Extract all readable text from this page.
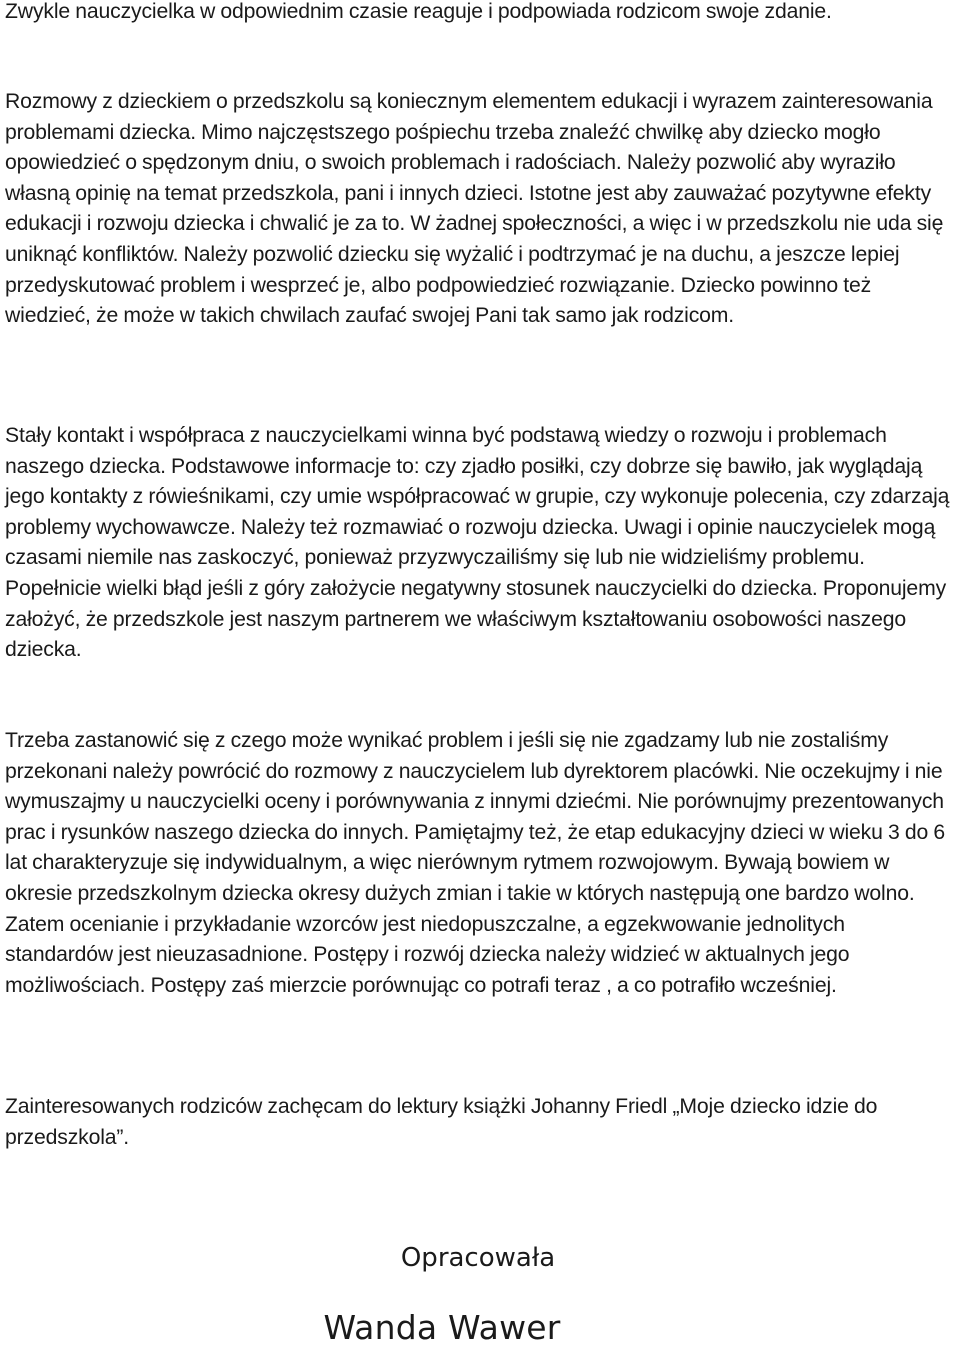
Zwykle nauczycielka w odpowiednim czasie reaguje i podpowiada rodzicom swoje zdanie.

Rozmowy z dzieckiem o przedszkolu są koniecznym elementem edukacji i wyrazem zainteresowania problemami dziecka. Mimo najczęstszego pośpiechu trzeba znaleźć chwilkę aby dziecko mogło opowiedzieć o spędzonym dniu, o swoich problemach i radościach. Należy pozwolić aby wyraziło własną opinię na temat przedszkola, pani i innych dzieci. Istotne jest aby zauważać pozytywne efekty edukacji i rozwoju dziecka i chwalić je za to. W żadnej społeczności, a więc i w przedszkolu nie uda się uniknąć konfliktów. Należy pozwolić dziecku się wyżalić i podtrzymać je na duchu, a jeszcze lepiej przedyskutować problem i wesprzeć je, albo podpowiedzieć rozwiązanie. Dziecko powinno też wiedzieć, że może w takich chwilach zaufać swojej Pani tak samo jak rodzicom.

Stały kontakt i współpraca z nauczycielkami winna być podstawą wiedzy o rozwoju i problemach naszego dziecka. Podstawowe informacje to: czy zjadło posiłki, czy dobrze się bawiło, jak wyglądają jego kontakty z rówieśnikami, czy umie współpracować w grupie, czy wykonuje polecenia, czy zdarzają problemy wychowawcze. Należy też rozmawiać o rozwoju dziecka. Uwagi i opinie nauczycielek mogą czasami niemile nas zaskoczyć, ponieważ przyzwyczailiśmy się lub nie widzieliśmy problemu. Popełnicie wielki błąd jeśli z góry założycie negatywny stosunek nauczycielki do dziecka. Proponujemy założyć, że przedszkole jest naszym partnerem we właściwym kształtowaniu osobowości naszego dziecka.

Trzeba zastanowić się z czego może wynikać problem i jeśli się nie zgadzamy lub nie zostaliśmy przekonani należy powrócić do rozmowy z nauczycielem lub dyrektorem placówki. Nie oczekujmy i nie wymuszajmy u nauczycielki oceny i porównywania z innymi dziećmi. Nie porównujmy prezentowanych prac i rysunków naszego dziecka do innych. Pamiętajmy też, że etap edukacyjny dzieci w wieku 3 do 6 lat charakteryzuje się indywidualnym, a więc nierównym rytmem rozwojowym. Bywają bowiem w okresie przedszkolnym dziecka okresy dużych zmian i takie w których następują one bardzo wolno. Zatem ocenianie i przykładanie wzorców jest niedopuszczalne, a egzekwowanie jednolitych standardów jest nieuzasadnione. Postępy i rozwój dziecka należy widzieć w aktualnych jego możliwościach. Postępy zaś mierzcie porównując co potrafi teraz , a co potrafiło wcześniej.

Zainteresowanych rodziców zachęcam do lektury książki Johanny Friedl „Moje dziecko idzie do przedszkola”.

Opracowała
Wanda Wawer
